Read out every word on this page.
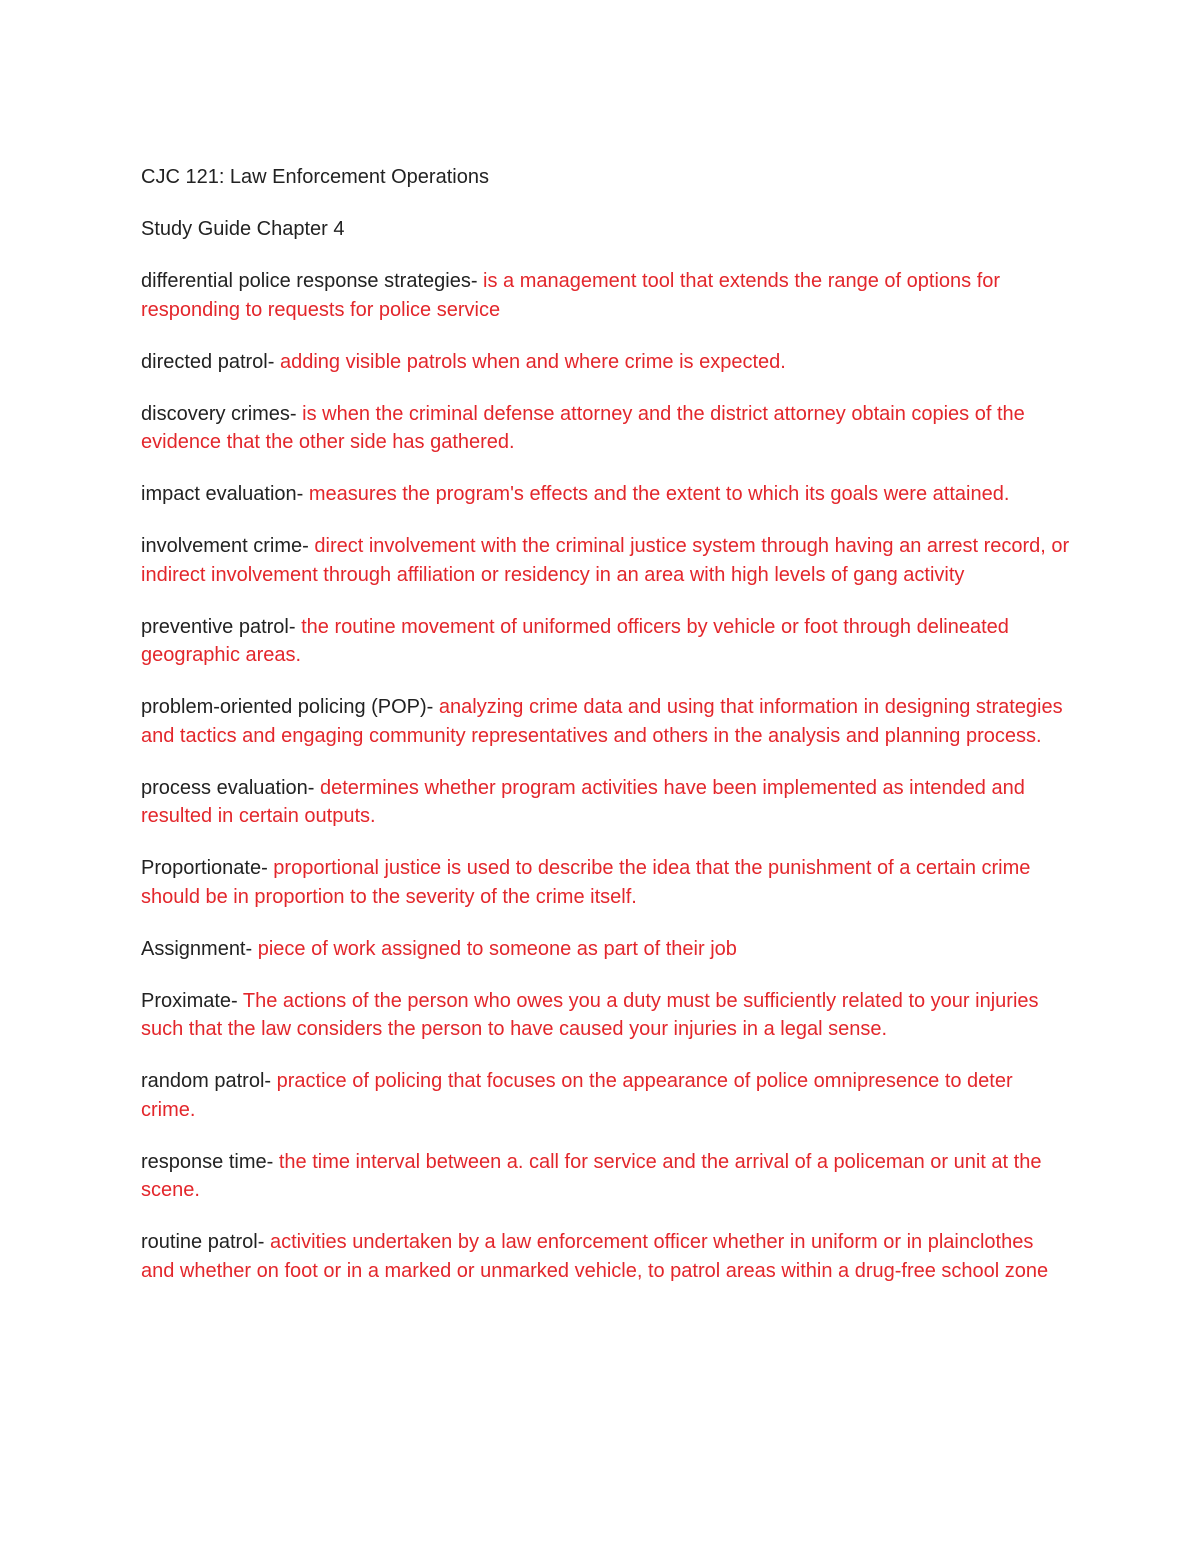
CJC 121: Law Enforcement Operations
Study Guide Chapter 4
differential police response strategies- is a management tool that extends the range of options for responding to requests for police service
directed patrol- adding visible patrols when and where crime is expected.
discovery crimes- is when the criminal defense attorney and the district attorney obtain copies of the evidence that the other side has gathered.
impact evaluation- measures the program's effects and the extent to which its goals were attained.
involvement crime- direct involvement with the criminal justice system through having an arrest record, or indirect involvement through affiliation or residency in an area with high levels of gang activity
preventive patrol- the routine movement of uniformed officers by vehicle or foot through delineated geographic areas.
problem-oriented policing (POP)- analyzing crime data and using that information in designing strategies and tactics and engaging community representatives and others in the analysis and planning process.
process evaluation- determines whether program activities have been implemented as intended and resulted in certain outputs.
Proportionate- proportional justice is used to describe the idea that the punishment of a certain crime should be in proportion to the severity of the crime itself.
Assignment- piece of work assigned to someone as part of their job
Proximate- The actions of the person who owes you a duty must be sufficiently related to your injuries such that the law considers the person to have caused your injuries in a legal sense.
random patrol- practice of policing that focuses on the appearance of police omnipresence to deter crime.
response time- the time interval between a. call for service and the arrival of a policeman or unit at the scene.
routine patrol- activities undertaken by a law enforcement officer whether in uniform or in plainclothes and whether on foot or in a marked or unmarked vehicle, to patrol areas within a drug-free school zone
